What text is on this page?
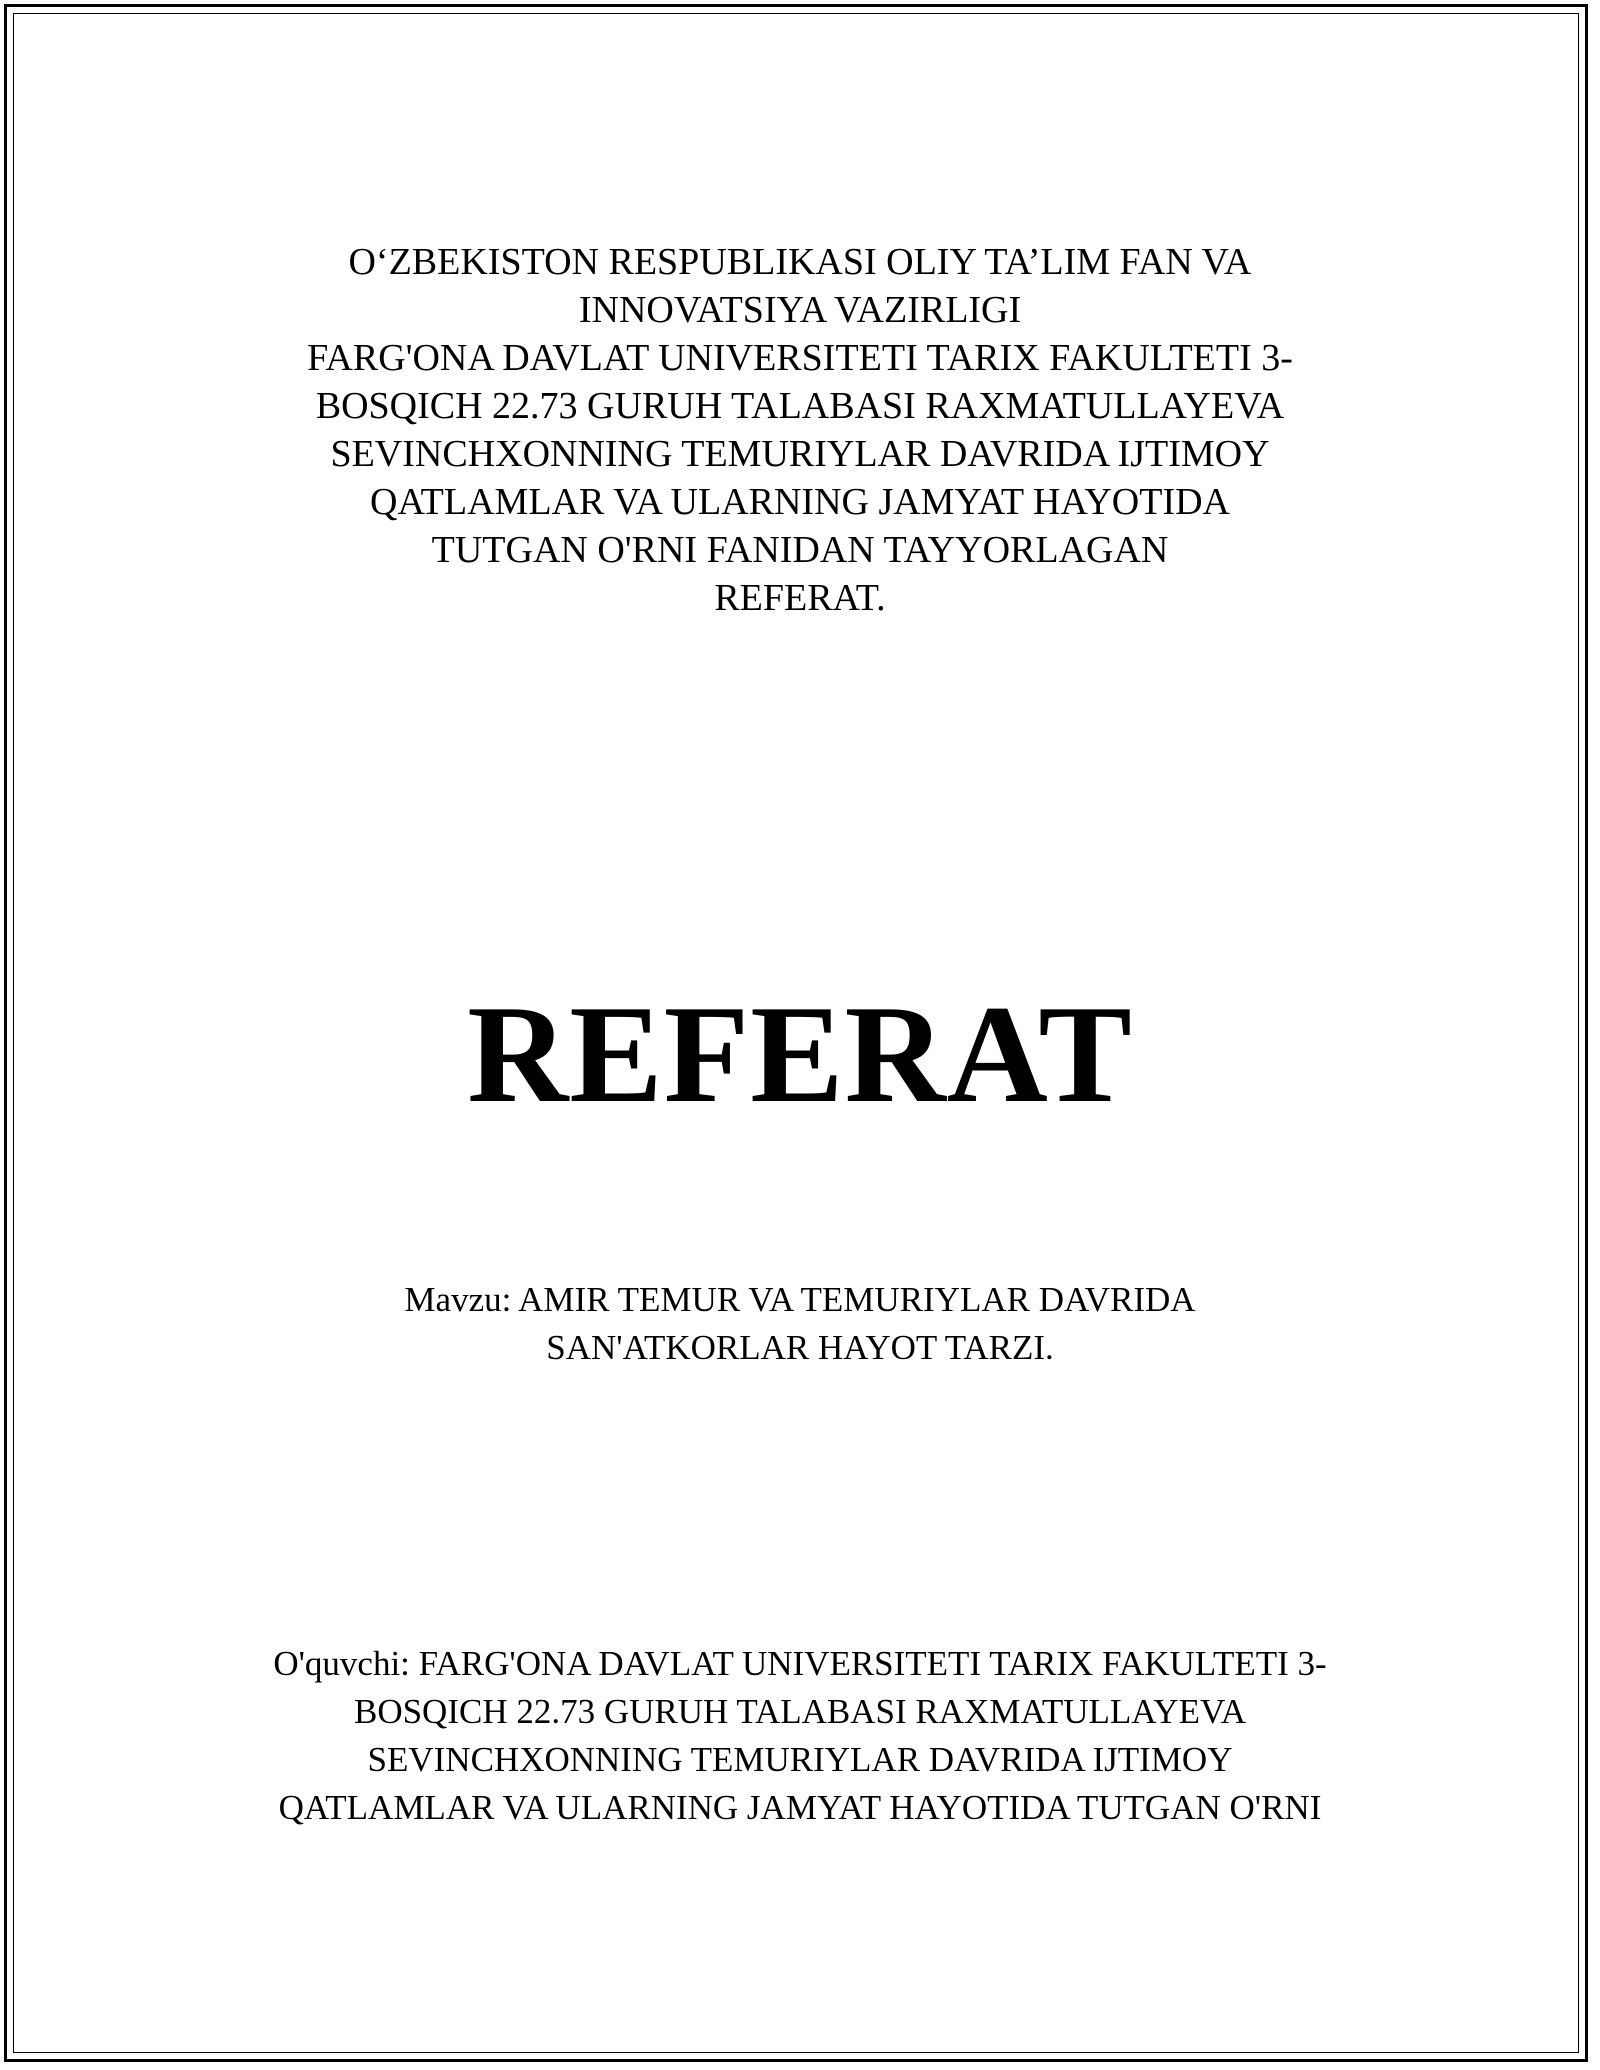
O‘ZBEKISTON RESPUBLIKASI OLIY TA’LIM FAN VA
INNOVATSIYA VAZIRLIGI

FARG'ONA DAVLAT UNIVERSITETI TARIX FAKULTETI 3-
BOSQICH 22.73 GURUH TALABASI RAXMATULLAYEVA
SEVINCHXONNING TEMURIYLAR DAVRIDA IJTIMOY
QATLAMLAR VA ULARNING JAMYAT HAYOTIDA
TUTGAN O'RNI FANIDAN TAYYORLAGAN
REFERAT.

REFERAT
Mavzu: AMIR TEMUR VA TEMURIYLAR DAVRIDA
SAN'ATKORLAR HAYOT TARZI.
O'quvchi: FARG'ONA DAVLAT UNIVERSITETI TARIX FAKULTETI 3-
BOSQICH 22.73 GURUH TALABASI RAXMATULLAYEVA
SEVINCHXONNING TEMURIYLAR DAVRIDA IJTIMOY
QATLAMLAR VA ULARNING JAMYAT HAYOTIDA TUTGAN O'RNI
